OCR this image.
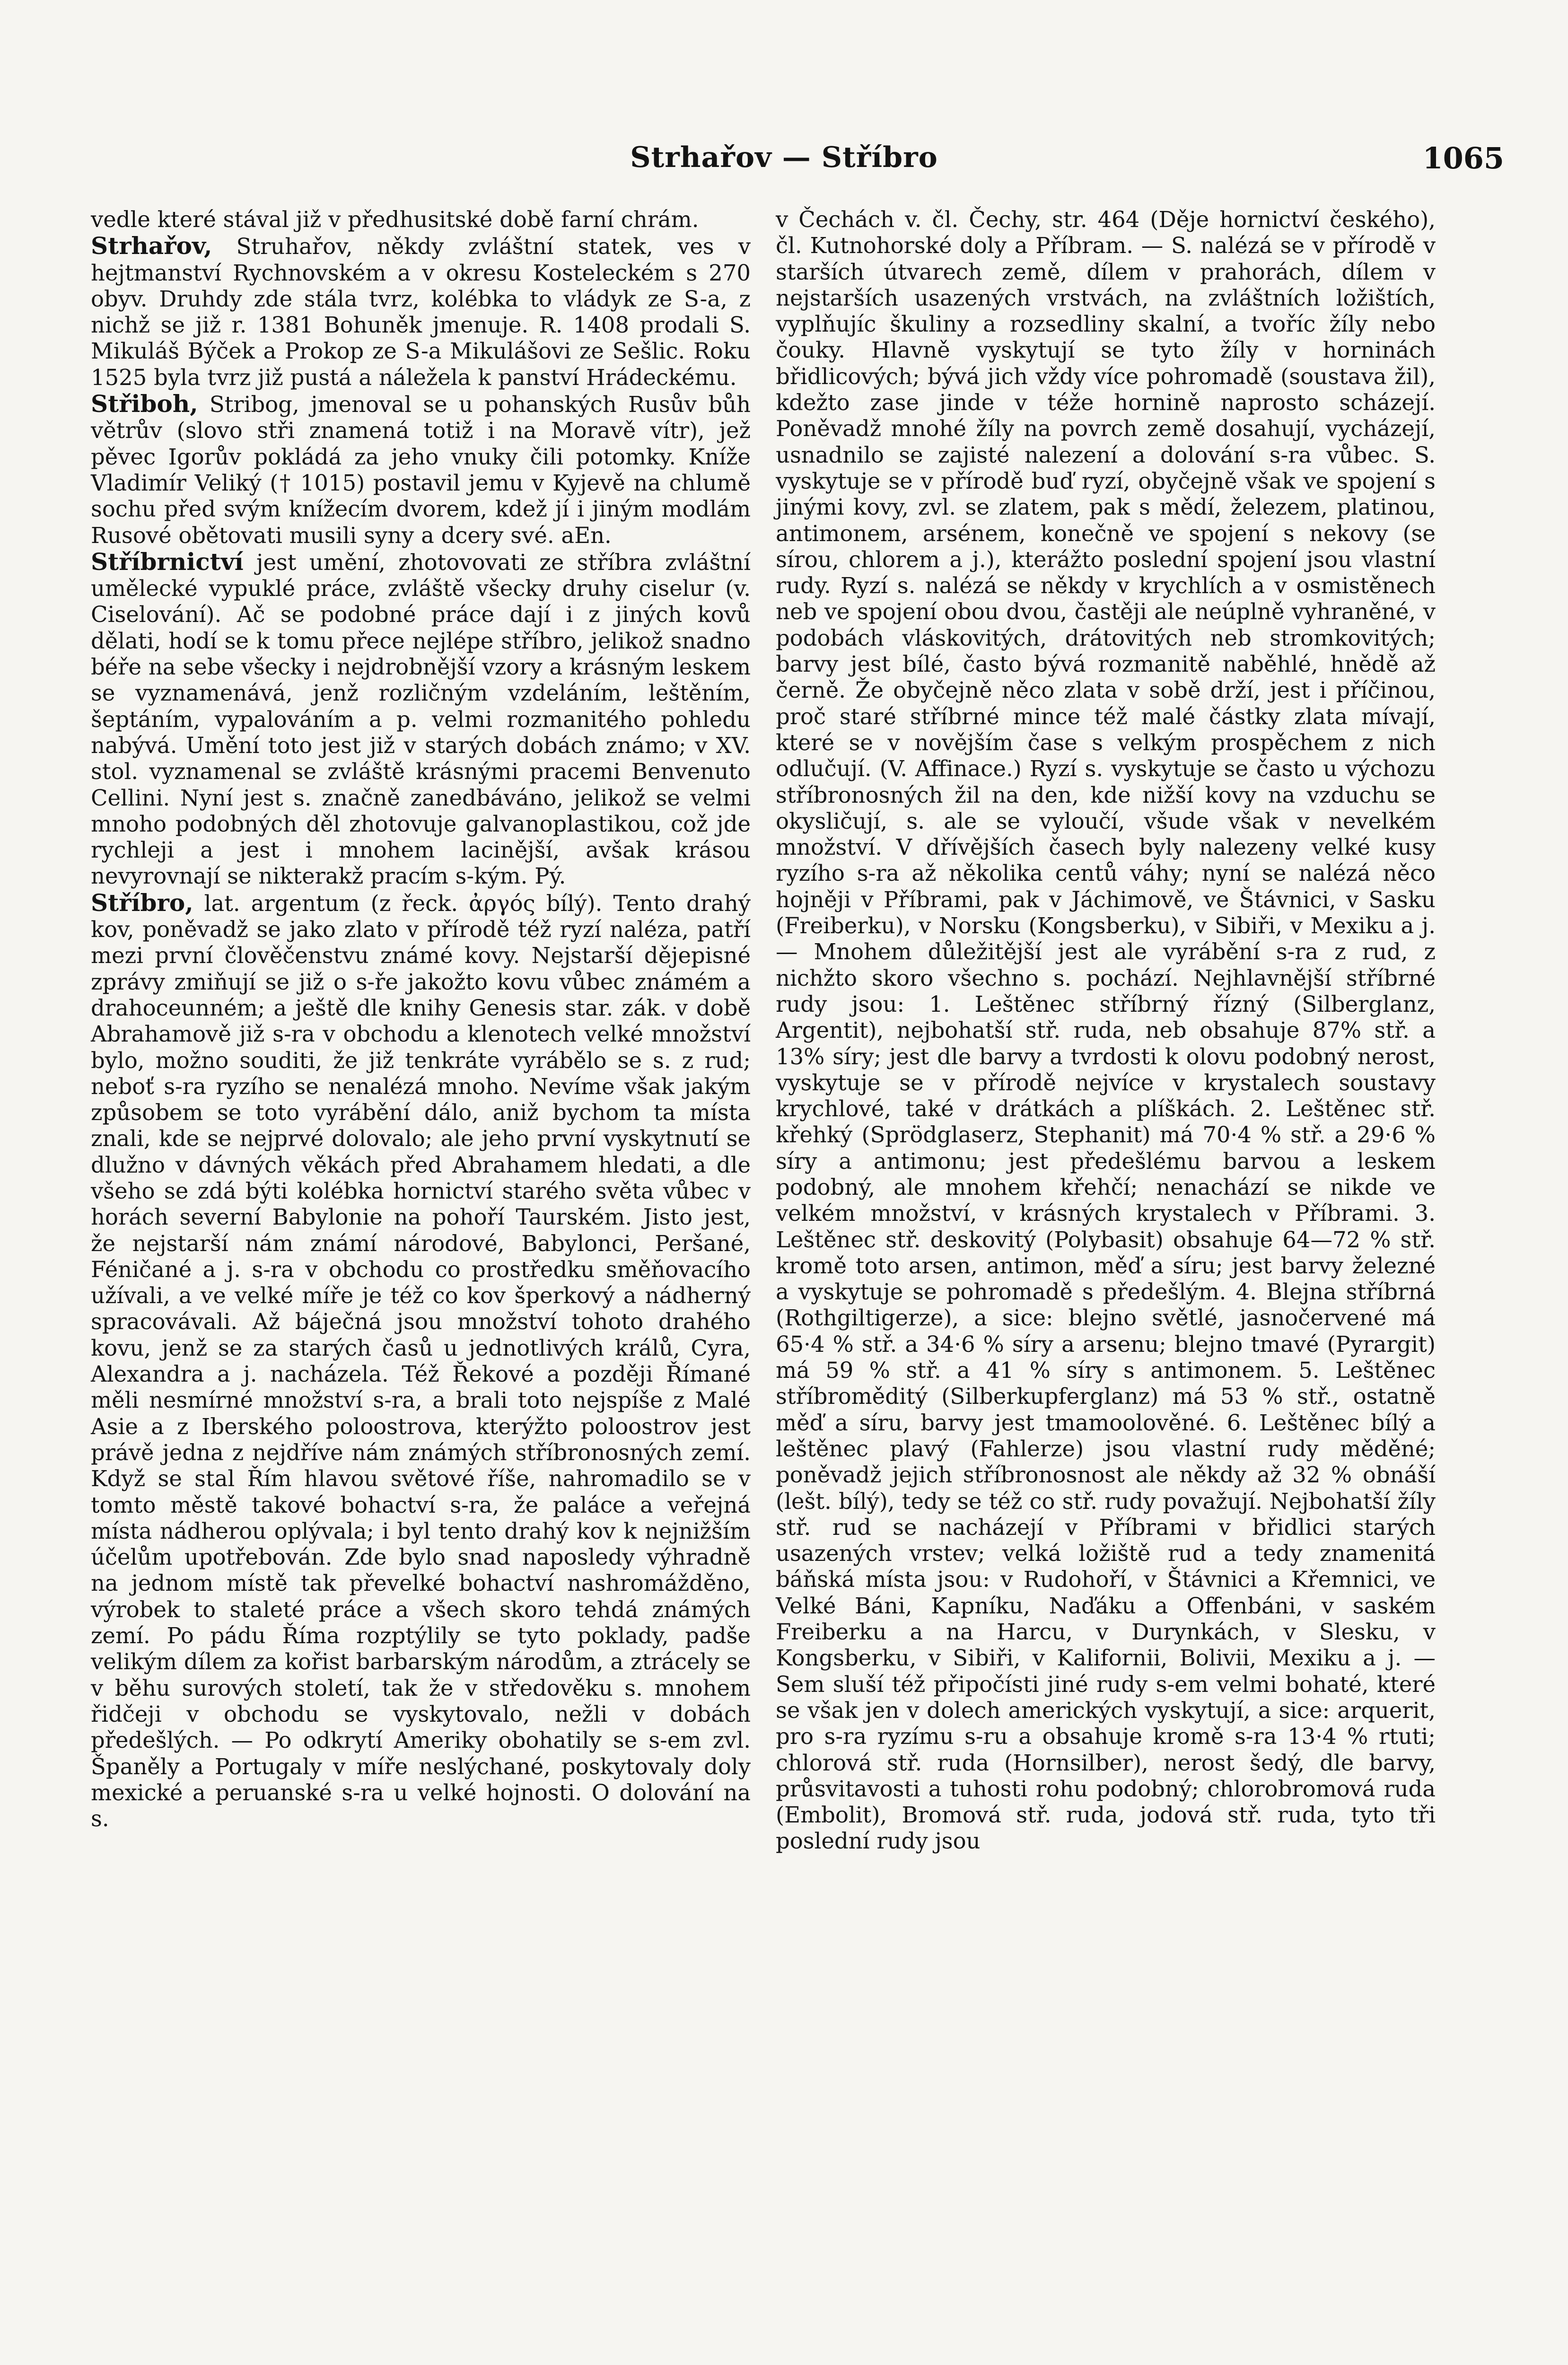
Strhařov — Stříbro	1065

vedle které stával již v předhusitské době farní chrám.

Strhařov, Struhařov, někdy zvláštní statek, ves v hejtmanství Rychnovském a v okresu Kostelеckém s 270 obyv. Druhdy zde stála tvrz, kolébka to vládyk ze S-a, z nichž se již r. 1381 Bohuněk jmenuje. R. 1408 prodali S. Mikuláš Býček a Prokop ze S-a Mikulášovi ze Sešlic. Roku 1525 byla tvrz již pustá a náležela k panství Hrádeckému.

Střiboh, Stribog, jmenoval se u pohanských Rusův bůh větrův (slovo stři znamená totiž i na Moravě vítr), jež pěvec Igorův pokládá za jeho vnuky čili potomky. Kníže Vladimír Veliký († 1015) postavil jemu v Kyjevě na chlumě sochu před svým knížecím dvorem, kdež jí i jiným modlám Rusové obětovati musili syny a dcery své. aEn.

Stříbrnictví jest umění, zhotovovati ze stříbra zvláštní umělecké vypuklé práce, zvláště všecky druhy ciselur (v. Ciselování). Ač se podobné práce dají i z jiných kovů dělati, hodí se k tomu přece nejlépe stříbro, jelikož snadno béře na sebe všecky i nejdrobnější vzory a krásným leskem se vyznamenává, jenž rozličným vzdeláním, leštěním, šeptáním, vypalováním a p. velmi rozmanitého pohledu nabývá. Umění toto jest již v starých dobách známo; v XV. stol. vyznamenal se zvláště krásnými pracemi Benvenuto Cellini. Nyní jest s. značně zanedbáváno, jelikož se velmi mnoho podobných děl zhotovuje galvanoplastikou, což jde rychleji a jest i mnohem lacinější, avšak krásou nevyrovnají se nikterakž pracím s-kým. Pý.

Stříbro, lat. argentum (z řeck. ἀργός bílý). Tento drahý kov, poněvadž se jako zlato v přírodě též ryzí naléza, patří mezi první člověčenstvu známé kovy. Nejstarší dějepisné zprávy zmiňují se již o s-ře jakožto kovu vůbec známém a drahoceunném; a ještě dle knihy Genesis star. zák. v době Abrahamově již s-ra v obchodu a klenotech velké množství bylo, možno souditi, že již tenkráte vyrábělo se s. z rud; neboť s-ra ryzího se nenalézá mnoho. Nevíme však jakým způsobem se toto vyrábění dálo, aniž bychom ta místa znali, kde se nejprvé dolovalo; ale jeho první vyskytnutí se dlužno v dávných věkách před Abrahamem hledati, a dle všeho se zdá býti kolébka hornictví starého světa vůbec v horách severní Babylonie na pohoří Taurském. Jisto jest, že nejstarší nám známí národové, Babylonci, Peršané, Féničané a j. s-ra v obchodu co prostředku směňovacího užívali, a ve velké míře je též co kov šperkový a nádherný spracovávali. Až báječná jsou množství tohoto drahého kovu, jenž se za starých časů u jednotlivých králů, Cyra, Alexandra a j. nacházela. Též Řekové a později Římané měli nesmírné množství s-ra, a brali toto nejspíše z Malé Asie a z Iberského poloostrova, kterýžto poloostrov jest právě jedna z nejdříve nám známých stříbronosných zemí. Když se stal Řím hlavou světové říše, nahromadilo se v tomto městě takové bohactví s-ra, že paláce a veřejná místa nádherou oplývala; i byl tento drahý kov k nejnižším účelům upotřebován. Zde bylo snad naposledy výhradně na jednom místě tak převelké bohactví nashromážděno, výrobek to staleté práce a všech skoro tehdá známých zemí. Po pádu Říma rozptýlily se tyto poklady, padše velikým dílem za kořist barbarským národům, a ztrácely se v běhu surových století, tak že v středověku s. mnohem řidčeji v obchodu se vyskytovalo, nežli v dobách předešlých. — Po odkrytí Ameriky obohatily se s-em zvl. Španěly a Portugaly v míře neslýchané, poskytovaly doly mexické a peruanské s-ra u velké hojnosti. O dolování na s.

v Čechách v. čl. Čechy, str. 464 (Děje hornictví českého), čl. Kutnohorské doly a Příbram. — S. nalézá se v přírodě v starších útvarech země, dílem v prahorách, dílem v nejstarších usazených vrstvách, na zvláštních ložištích, vyplňujíc škuliny a rozsedliny skalní, a tvoříc žíly nebo čouky. Hlavně vyskytují se tyto žíly v horninách břidlicových; bývá jich vždy více pohromadě (soustava žil), kdežto zase jinde v téže hornině naprosto scházejí. Poněvadž mnohé žíly na povrch země dosahují, vycházejí, usnadnilo se zajisté nalezení a dolování s-ra vůbec. S. vyskytuje se v přírodě buď ryzí, obyčejně však ve spojení s jinými kovy, zvl. se zlatem, pak s mědí, železem, platinou, antimonem, arsénem, konečně ve spojení s nekovy (se sírou, chlorem a j.), kterážto poslední spojení jsou vlastní rudy. Ryzí s. nalézá se někdy v krychlích a v osmistěnech neb ve spojení obou dvou, častěji ale neúplně vyhraněné, v podobách vláskovitých, drátovitých neb stromkovitých; barvy jest bílé, často bývá rozmanitě naběhlé, hnědě až černě. Že obyčejně něco zlata v sobě drží, jest i příčinou, proč staré stříbrné mince též malé částky zlata mívají, které se v novějším čase s velkým prospěchem z nich odlučují. (V. Affinace.) Ryzí s. vyskytuje se často u výchozu stříbronosných žil na den, kde nižší kovy na vzduchu se okysličují, s. ale se vyloučí, všude však v nevelkém množství. V dřívějších časech byly nalezeny velké kusy ryzího s-ra až několika centů váhy; nyní se nalézá něco hojněji v Příbrami, pak v Jáchimově, ve Štávnici, v Sasku (Freiberku), v Norsku (Kongsberku), v Sibiři, v Mexiku a j. — Mnohem důležitější jest ale vyrábění s-ra z rud, z nichžto skoro všechno s. pochází. Nejhlavnější stříbrné rudy jsou: 1. Leštěnec stříbrný řízný (Silberglanz, Argentit), nejbohatší stř. ruda, neb obsahuje 87% stř. a 13% síry; jest dle barvy a tvrdosti k olovu podobný nerost, vyskytuje se v přírodě nejvíce v krystalech soustavy krychlové, také v drátkách a plíškách. 2. Leštěnec stř. křehký (Sprödglaserz, Stephanit) má 70·4 % stř. a 29·6 % síry a antimonu; jest předešlému barvou a leskem podobný, ale mnohem křehčí; nenachází se nikde ve velkém množství, v krásných krystalech v Příbrami. 3. Leštěnec stř. deskovitý (Polybasit) obsahuje 64—72 % stř. kromě toto arsen, antimon, měď a síru; jest barvy železné a vyskytuje se pohromadě s předešlým. 4. Blejna stříbrná (Rothgiltigerze), a sice: blejno světlé, jasnočervené má 65·4 % stř. a 34·6 % síry a arsenu; blejno tmavé (Pyrargit) má 59 % stř. a 41 % síry s antimonem. 5. Leštěnec stříbroměditý (Silberkupferglanz) má 53 % stř., ostatně měď a síru, barvy jest tmamoolověné. 6. Leštěnec bílý a leštěnec plavý (Fahlerze) jsou vlastní rudy měděné; poněvadž jejich stříbronosnost ale někdy až 32 % obnáší (lešt. bílý), tedy se též co stř. rudy považují. Nejbohatší žíly stř. rud se nacházejí v Příbrami v břidlici starých usazených vrstev; velká ložiště rud a tedy znamenitá báňská místa jsou: v Rudohoří, v Štávnici a Křemnici, ve Velké Báni, Kapníku, Naďáku a Offenbáni, v saském Freiberku a na Harcu, v Durynkách, v Slesku, v Kongsberku, v Sibiři, v Kalifornii, Bolivii, Mexiku a j. — Sem sluší též připočísti jiné rudy s-em velmi bohaté, které se však jen v dolech amerických vyskytují, a sice: arquerit, pro s-ra ryzímu s-ru a obsahuje kromě s-ra 13·4 % rtuti; chlorová stř. ruda (Hornsilber), nerost šedý, dle barvy, průsvitavosti a tuhosti rohu podobný; chlorobromová ruda (Embolit), Bromová stř. ruda, jodová stř. ruda, tyto tři poslední rudy jsou
